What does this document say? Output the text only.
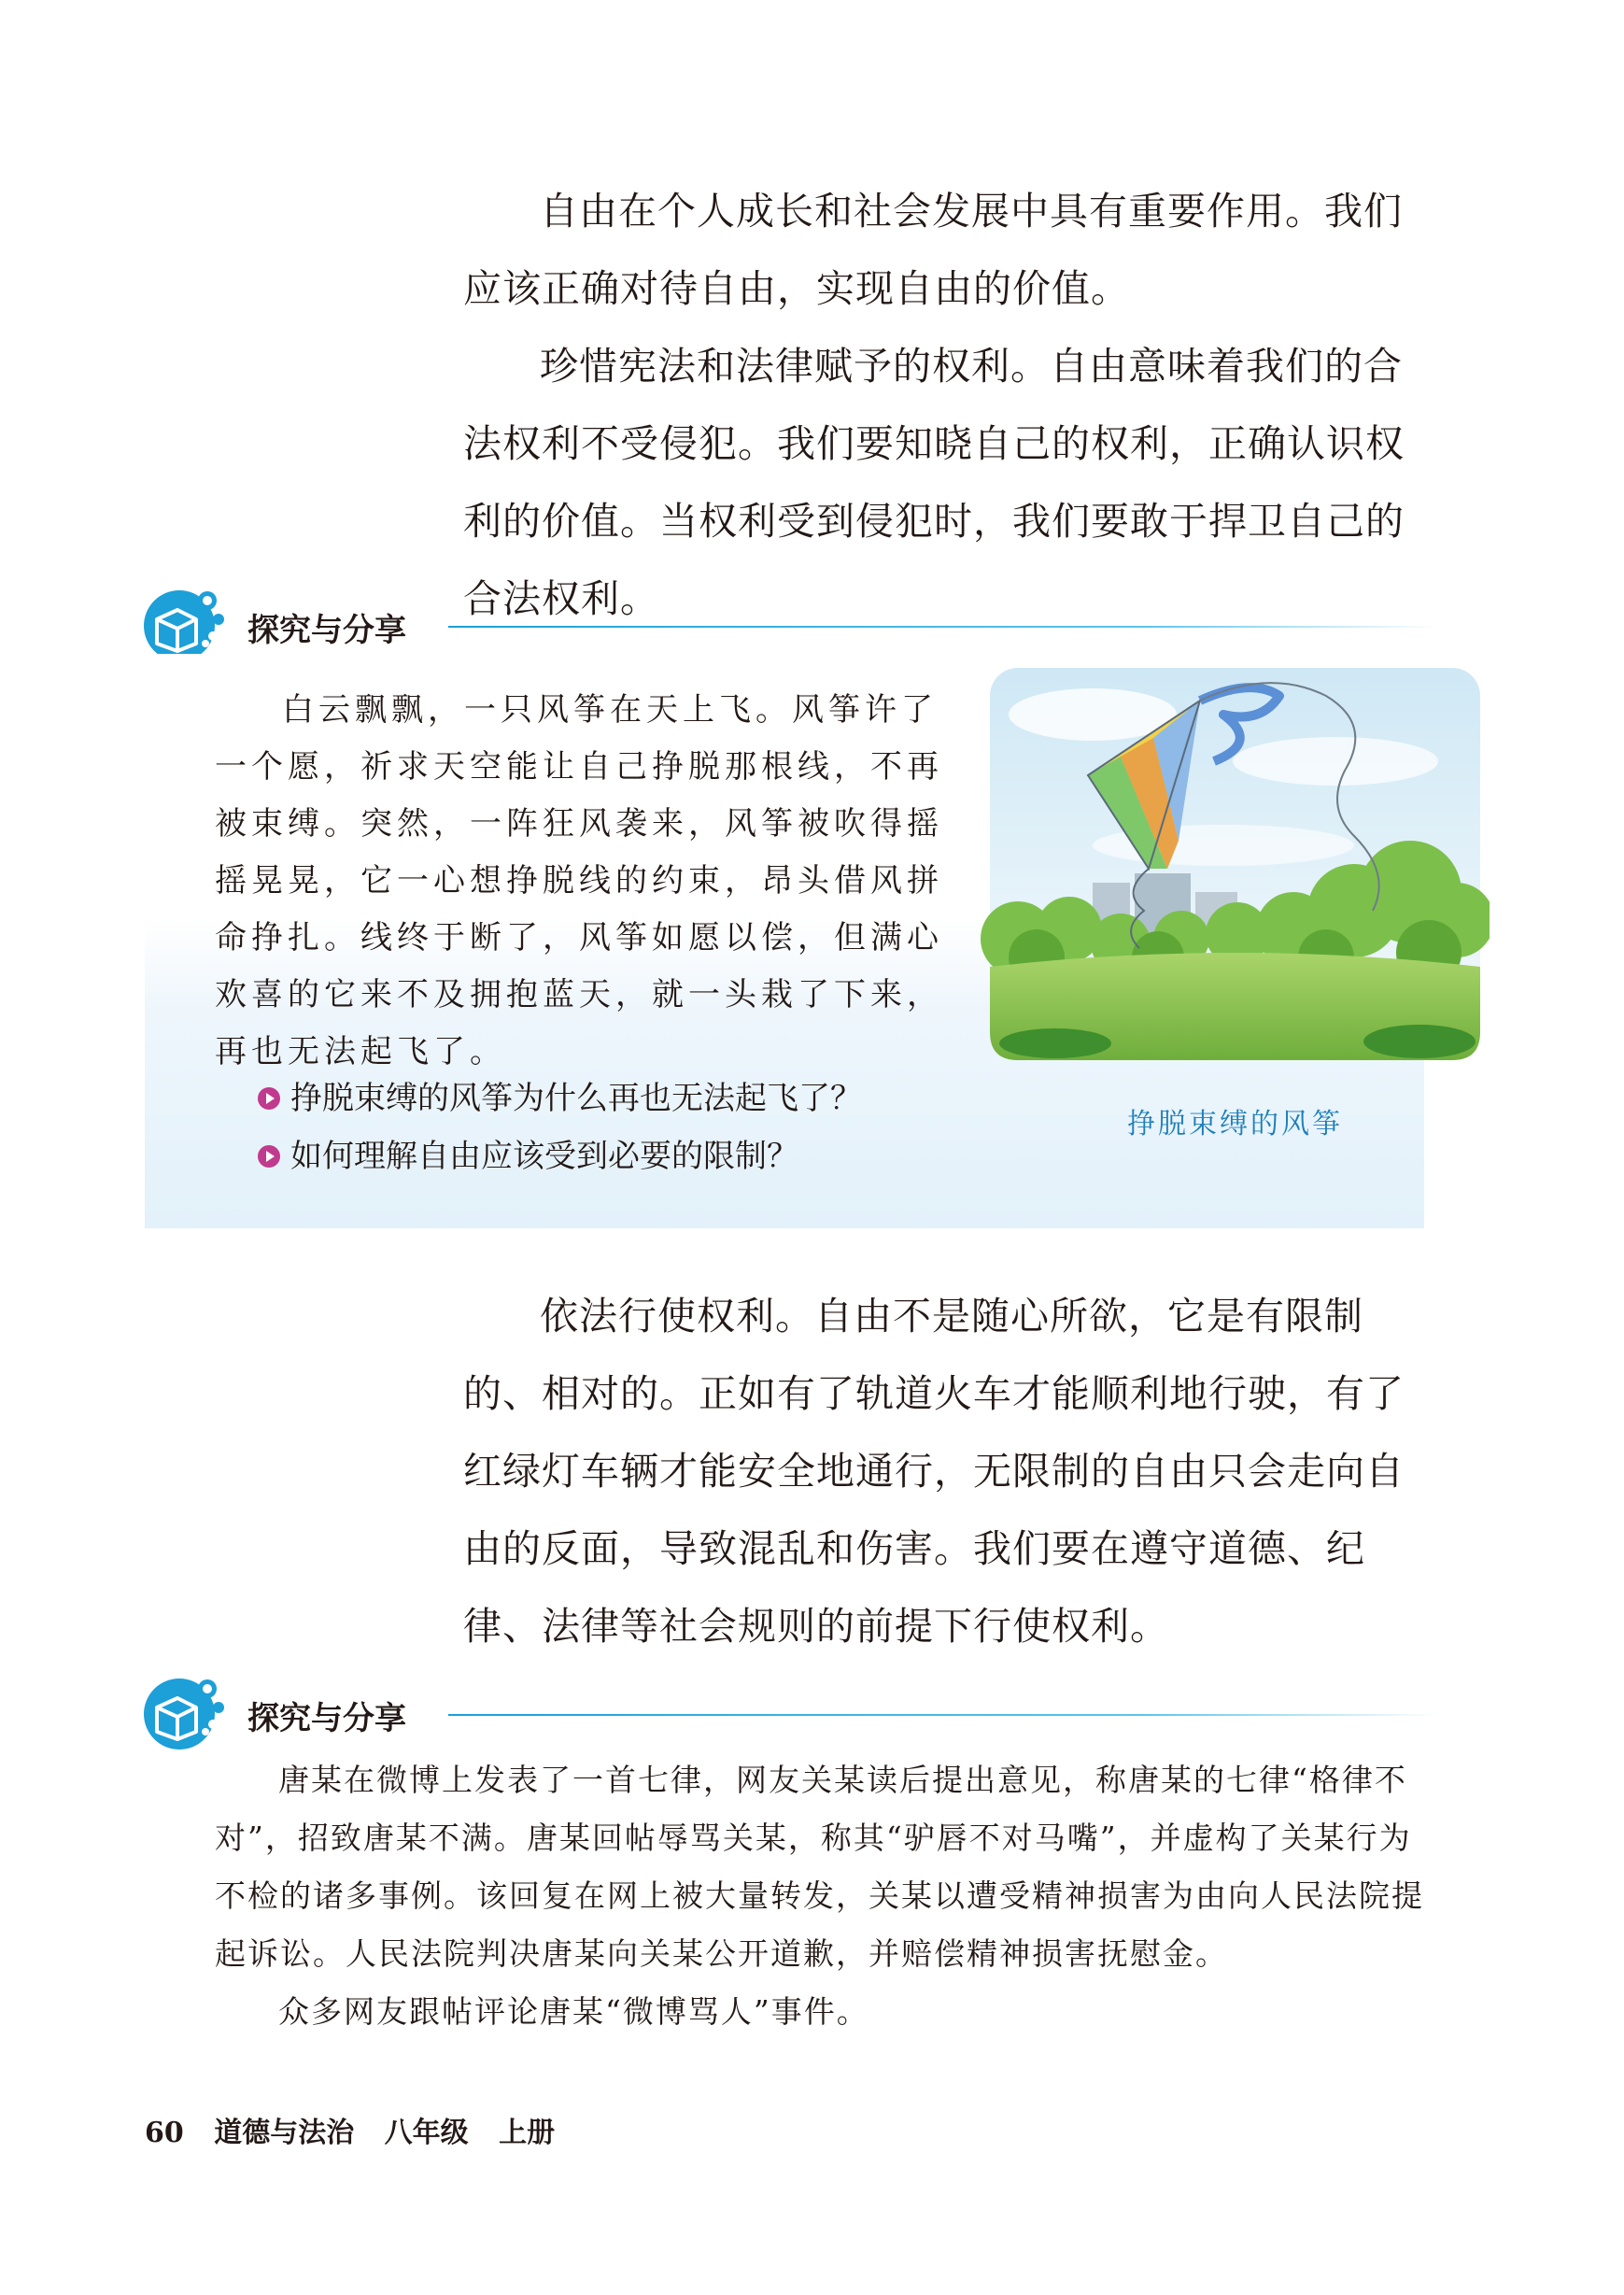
自由在个人成长和社会发展中具有重要作用。我们应该正确对待自由，实现自由的价值。

珍惜宪法和法律赋予的权利。自由意味着我们的合法权利不受侵犯。我们要知晓自己的权利，正确认识权利的价值。当权利受到侵犯时，我们要敢于捍卫自己的合法权利。

探究与分享

白云飘飘，一只风筝在天上飞。风筝许了一个愿，祈求天空能让自己挣脱那根线，不再被束缚。突然，一阵狂风袭来，风筝被吹得摇摇晃晃，它一心想挣脱线的约束，昂头借风拼命挣扎。线终于断了，风筝如愿以偿，但满心欢喜的它来不及拥抱蓝天，就一头栽了下来，再也无法起飞了。

挣脱束缚的风筝
挣脱束缚的风筝为什么再也无法起飞了？
如何理解自由应该受到必要的限制？

依法行使权利。自由不是随心所欲，它是有限制的、相对的。正如有了轨道火车才能顺利地行驶，有了红绿灯车辆才能安全地通行，无限制的自由只会走向自由的反面，导致混乱和伤害。我们要在遵守道德、纪律、法律等社会规则的前提下行使权利。

探究与分享

唐某在微博上发表了一首七律，网友关某读后提出意见，称唐某的七律“格律不对”，招致唐某不满。唐某回帖辱骂关某，称其“驴唇不对马嘴”，并虚构了关某行为不检的诸多事例。该回复在网上被大量转发，关某以遭受精神损害为由向人民法院提起诉讼。人民法院判决唐某向关某公开道歉，并赔偿精神损害抚慰金。

众多网友跟帖评论唐某“微博骂人”事件。

60 道德与法治 八年级 上册
